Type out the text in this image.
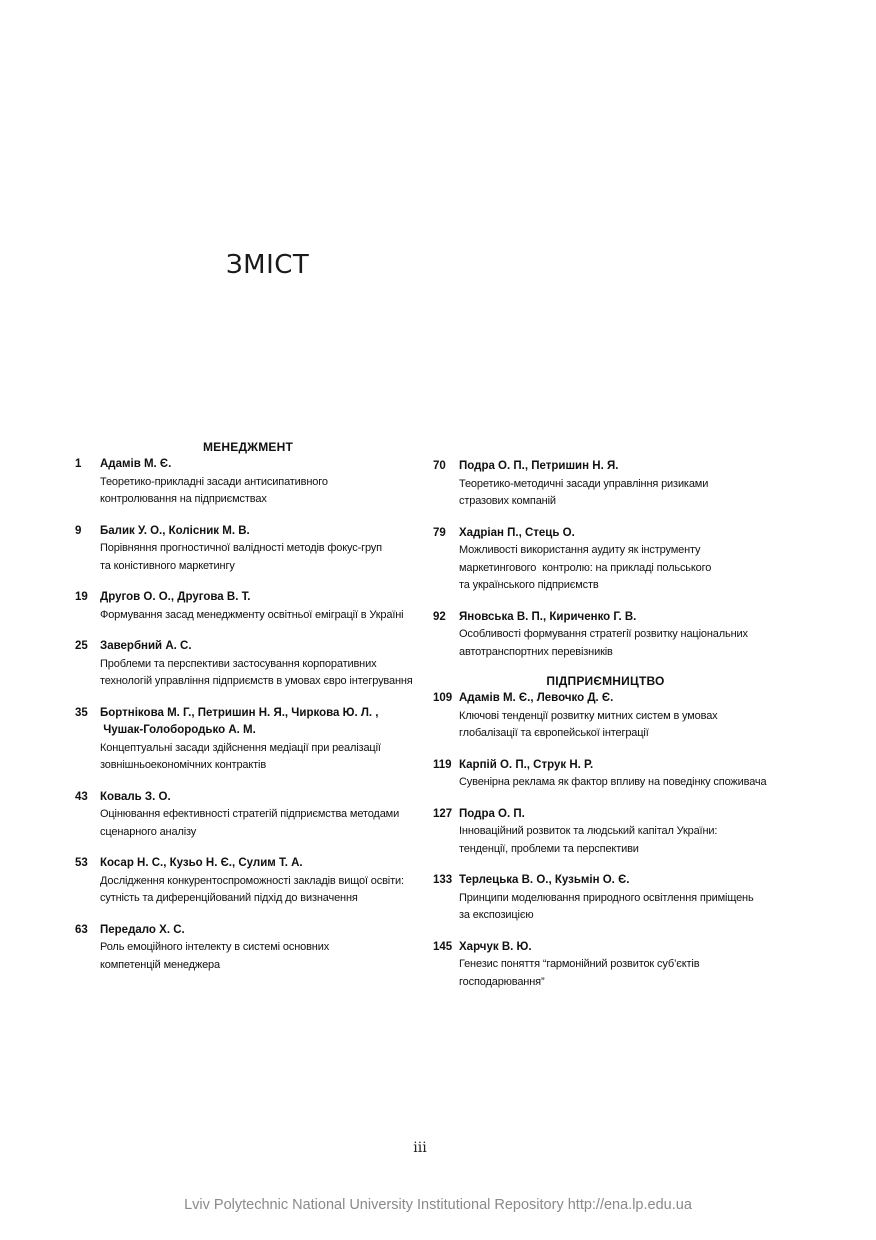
ЗМІСТ
МЕНЕДЖМЕНТ
1	Адамів М. Є.
Теоретико-прикладні засади антисипативного
контролювання на підприємствах
9	Балик У. О., Колісник М. В.
Порівняння прогностичної валідності методів фокус-груп
та коністивного маркетингу
19	Другов О. О., Другова В. Т.
Формування засад менеджменту освітньої еміграції в Україні
25	Завербний А. С.
Проблеми та перспективи застосування корпоративних
технологій управління підприємств в умовах євро інтегрування
35	Бортнікова М. Г., Петришин Н. Я., Чиркова Ю. Л. ,
Чушак-Голобородько А. М.
Концептуальні засади здійснення медіації при реалізації
зовнішньоекономічних контрактів
43	Коваль З. О.
Оцінювання ефективності стратегій підприємства методами
сценарного аналізу
53	Косар Н. С., Кузьо Н. Є., Сулим Т. А.
Дослідження конкурентоспроможності закладів вищої освіти:
сутність та диференційований підхід до визначення
63	Передало Х. С.
Роль емоційного інтелекту в системі основних
компетенцій менеджера
70	Подра О. П., Петришин Н. Я.
Теоретико-методичні засади управління ризиками
стразових компаній
79	Хадріан П., Стець О.
Можливості використання аудиту як інструменту
маркетингового  контролю: на прикладі польського
та українського підприємств
92	Яновська В. П., Кириченко Г. В.
Особливості формування стратегії розвитку національних
автотранспортних перевізників
ПІДПРИЄМНИЦТВО
109 Адамів М. Є., Левочко Д. Є.
Ключові тенденції розвитку митних систем в умовах
глобалізації та європейської інтеграції
119 Карпій О. П., Струк Н. Р.
Сувенірна реклама як фактор впливу на поведінку споживача
127 Подра О. П.
Інноваційний розвиток та людський капітал України:
тенденції, проблеми та перспективи
133 Терлецька В. О., Кузьмін О. Є.
Принципи моделювання природного освітлення приміщень
за експозицією
145 Харчук В. Ю.
Генезис поняття “гармонійний розвиток суб’єктів
господарювання”
iii
Lviv Polytechnic National University Institutional Repository http://ena.lp.edu.ua
